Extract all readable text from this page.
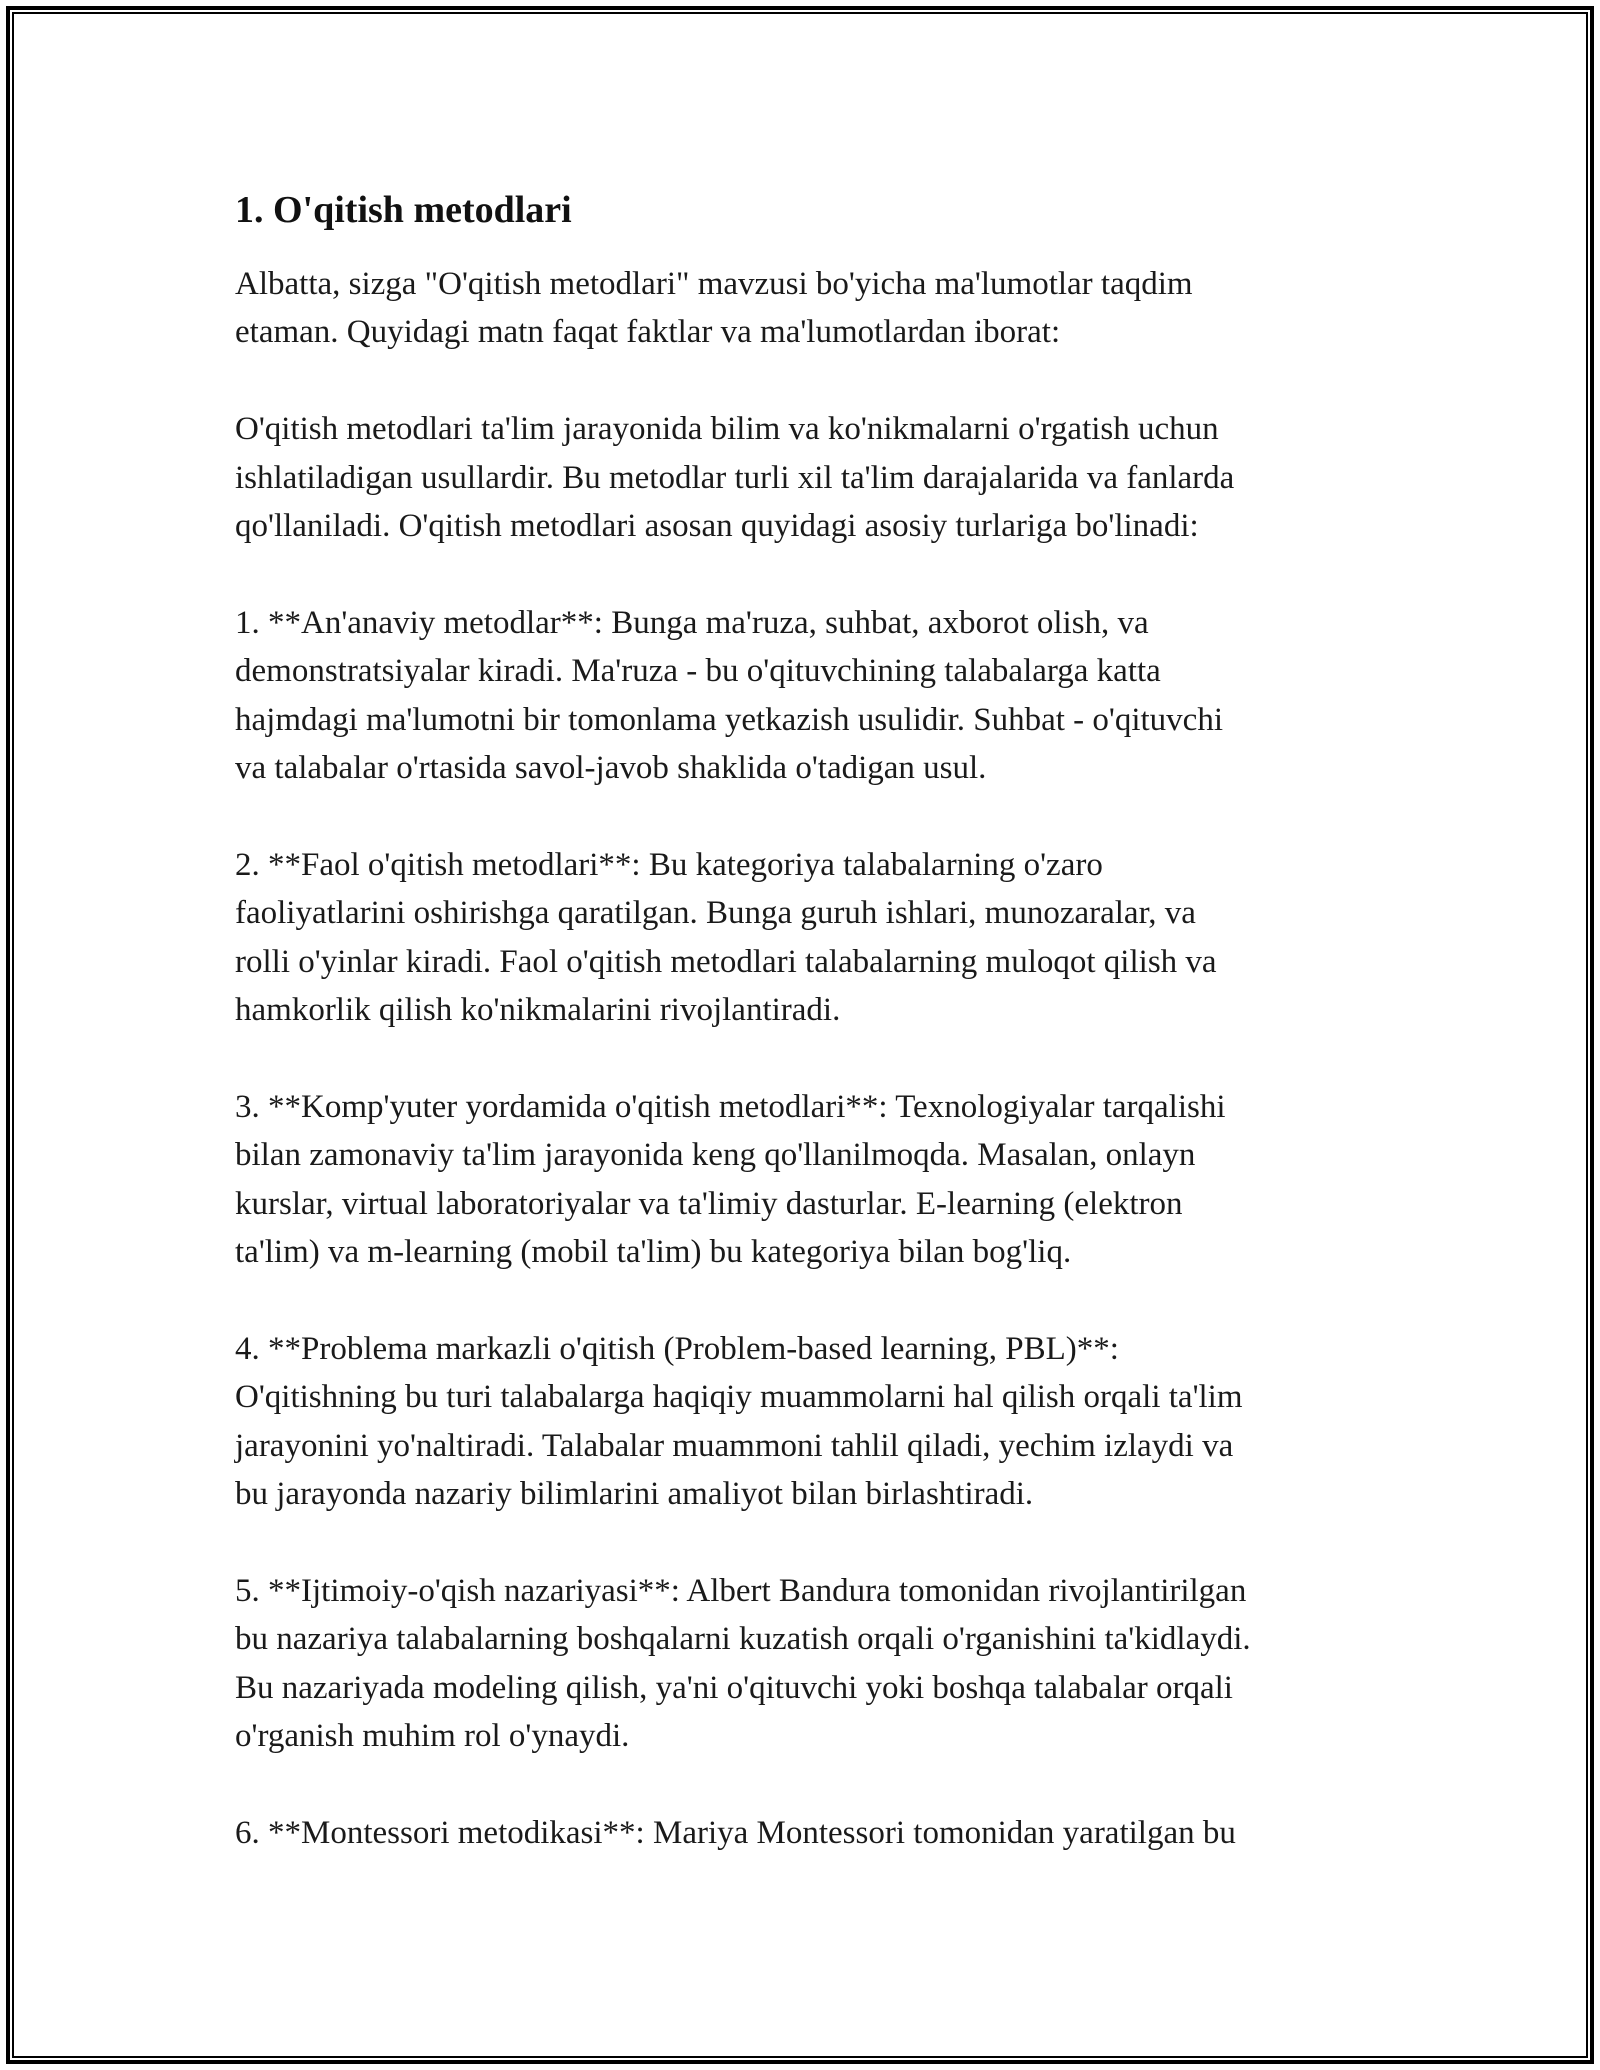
1. O'qitish metodlari

Albatta, sizga "O'qitish metodlari" mavzusi bo'yicha ma'lumotlar taqdim
etaman. Quyidagi matn faqat faktlar va ma'lumotlardan iborat:

O'qitish metodlari ta'lim jarayonida bilim va ko'nikmalarni o'rgatish uchun
ishlatiladigan usullardir. Bu metodlar turli xil ta'lim darajalarida va fanlarda
qo'llaniladi. O'qitish metodlari asosan quyidagi asosiy turlariga bo'linadi:

1. **An'anaviy metodlar**: Bunga ma'ruza, suhbat, axborot olish, va
demonstratsiyalar kiradi. Ma'ruza - bu o'qituvchining talabalarga katta
hajmdagi ma'lumotni bir tomonlama yetkazish usulidir. Suhbat - o'qituvchi
va talabalar o'rtasida savol-javob shaklida o'tadigan usul.

2. **Faol o'qitish metodlari**: Bu kategoriya talabalarning o'zaro
faoliyatlarini oshirishga qaratilgan. Bunga guruh ishlari, munozaralar, va
rolli o'yinlar kiradi. Faol o'qitish metodlari talabalarning muloqot qilish va
hamkorlik qilish ko'nikmalarini rivojlantiradi.

3. **Komp'yuter yordamida o'qitish metodlari**: Texnologiyalar tarqalishi
bilan zamonaviy ta'lim jarayonida keng qo'llanilmoqda. Masalan, onlayn
kurslar, virtual laboratoriyalar va ta'limiy dasturlar. E-learning (elektron
ta'lim) va m-learning (mobil ta'lim) bu kategoriya bilan bog'liq.

4. **Problema markazli o'qitish (Problem-based learning, PBL)**:
O'qitishning bu turi talabalarga haqiqiy muammolarni hal qilish orqali ta'lim
jarayonini yo'naltiradi. Talabalar muammoni tahlil qiladi, yechim izlaydi va
bu jarayonda nazariy bilimlarini amaliyot bilan birlashtiradi.

5. **Ijtimoiy-o'qish nazariyasi**: Albert Bandura tomonidan rivojlantirilgan
bu nazariya talabalarning boshqalarni kuzatish orqali o'rganishini ta'kidlaydi.
Bu nazariyada modeling qilish, ya'ni o'qituvchi yoki boshqa talabalar orqali
o'rganish muhim rol o'ynaydi.

6. **Montessori metodikasi**: Mariya Montessori tomonidan yaratilgan bu
